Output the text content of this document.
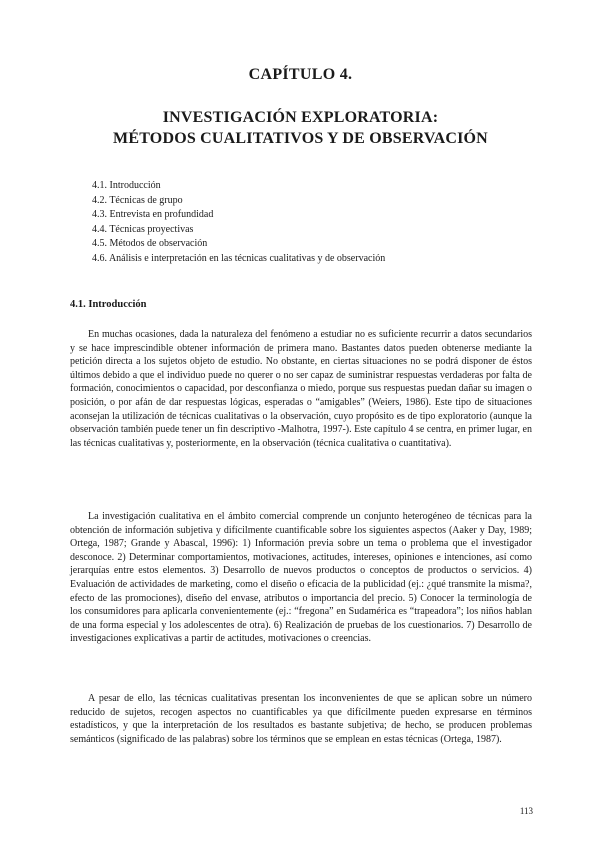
CAPÍTULO 4.
INVESTIGACIÓN EXPLORATORIA:
MÉTODOS CUALITATIVOS Y DE OBSERVACIÓN
4.1. Introducción
4.2. Técnicas de grupo
4.3. Entrevista en profundidad
4.4. Técnicas proyectivas
4.5. Métodos de observación
4.6. Análisis e interpretación en las técnicas cualitativas y de observación
4.1. Introducción

En muchas ocasiones, dada la naturaleza del fenómeno a estudiar no es suficiente recurrir a datos secundarios y se hace imprescindible obtener información de primera mano. Bastantes datos pueden obtenerse mediante la petición directa a los sujetos objeto de estudio. No obstante, en ciertas situaciones no se podrá disponer de éstos últimos debido a que el individuo puede no querer o no ser capaz de suministrar respuestas verdaderas por falta de formación, conocimientos o capacidad, por desconfianza o miedo, porque sus respuestas puedan dañar su imagen o posición, o por afán de dar respuestas lógicas, esperadas o “amigables” (Weiers, 1986). Este tipo de situaciones aconsejan la utilización de técnicas cualitativas o la observación, cuyo propósito es de tipo exploratorio (aunque la observación también puede tener un fin descriptivo -Malhotra, 1997-). Este capítulo 4 se centra, en primer lugar, en las técnicas cualitativas y, posteriormente, en la observación (técnica cualitativa o cuantitativa).

La investigación cualitativa en el ámbito comercial comprende un conjunto heterogéneo de técnicas para la obtención de información subjetiva y difícilmente cuantificable sobre los siguientes aspectos (Aaker y Day, 1989; Ortega, 1987; Grande y Abascal, 1996): 1) Información previa sobre un tema o problema que el investigador desconoce. 2) Determinar comportamientos, motivaciones, actitudes, intereses, opiniones e intenciones, así como jerarquías entre estos elementos. 3) Desarrollo de nuevos productos o conceptos de productos o servicios. 4) Evaluación de actividades de marketing, como el diseño o eficacia de la publicidad (ej.: ¿qué transmite la misma?, efecto de las promociones), diseño del envase, atributos o importancia del precio. 5) Conocer la terminología de los consumidores para aplicarla convenientemente (ej.: “fregona” en Sudamérica es “trapeadora”; los niños hablan de una forma especial y los adolescentes de otra). 6) Realización de pruebas de los cuestionarios. 7) Desarrollo de investigaciones explicativas a partir de actitudes, motivaciones o creencias.

A pesar de ello, las técnicas cualitativas presentan los inconvenientes de que se aplican sobre un número reducido de sujetos, recogen aspectos no cuantificables ya que difícilmente pueden expresarse en términos estadísticos, y que la interpretación de los resultados es bastante subjetiva; de hecho, se producen problemas semánticos (significado de las palabras) sobre los términos que se emplean en estas técnicas (Ortega, 1987).

113
